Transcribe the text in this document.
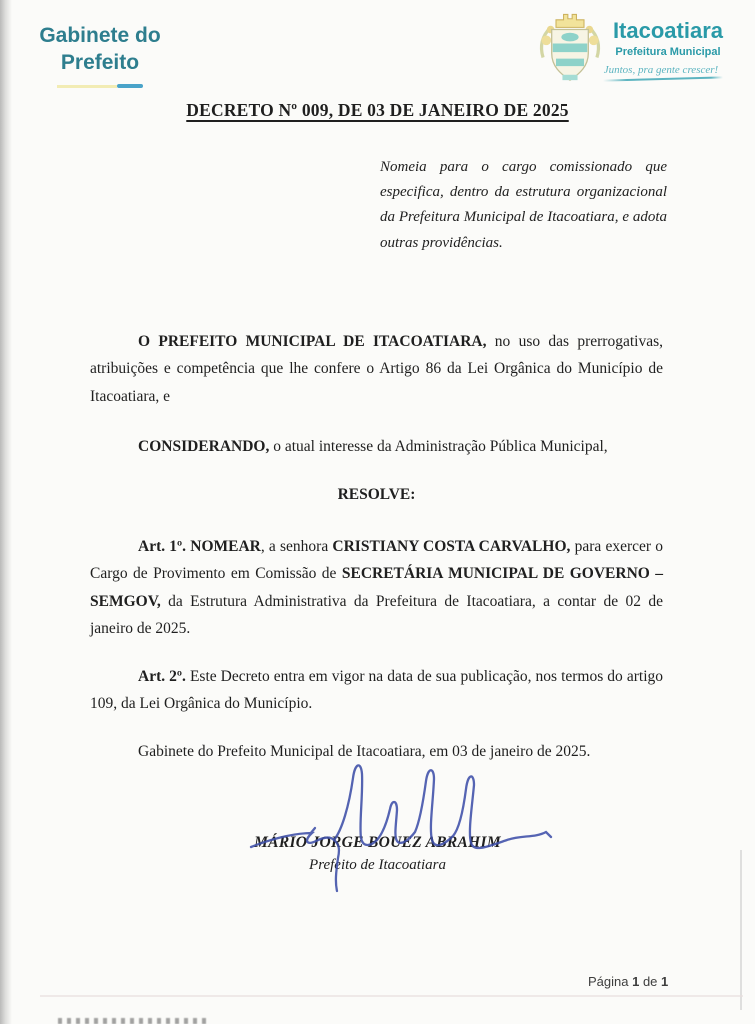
Gabinete do
Prefeito
Itacoatiara
Prefeitura Municipal
Juntos, pra gente crescer!
DECRETO Nº 009, DE 03 DE JANEIRO DE 2025
Nomeia para o cargo comissionado que especifica, dentro da estrutura organizacional da Prefeitura Municipal de Itacoatiara, e adota outras providências.

O PREFEITO MUNICIPAL DE ITACOATIARA, no uso das prerrogativas, atribuições e competência que lhe confere o Artigo 86 da Lei Orgânica do Município de Itacoatiara, e

CONSIDERANDO, o atual interesse da Administração Pública Municipal,

RESOLVE:

Art. 1º. NOMEAR, a senhora CRISTIANY COSTA CARVALHO, para exercer o Cargo de Provimento em Comissão de SECRETÁRIA MUNICIPAL DE GOVERNO – SEMGOV, da Estrutura Administrativa da Prefeitura de Itacoatiara, a contar de 02 de janeiro de 2025.

Art. 2º. Este Decreto entra em vigor na data de sua publicação, nos termos do artigo 109, da Lei Orgânica do Município.

Gabinete do Prefeito Municipal de Itacoatiara, em 03 de janeiro de 2025.

MÁRIO JORGE BOUEZ ABRAHIM
Prefeito de Itacoatiara
Página 1 de 1
